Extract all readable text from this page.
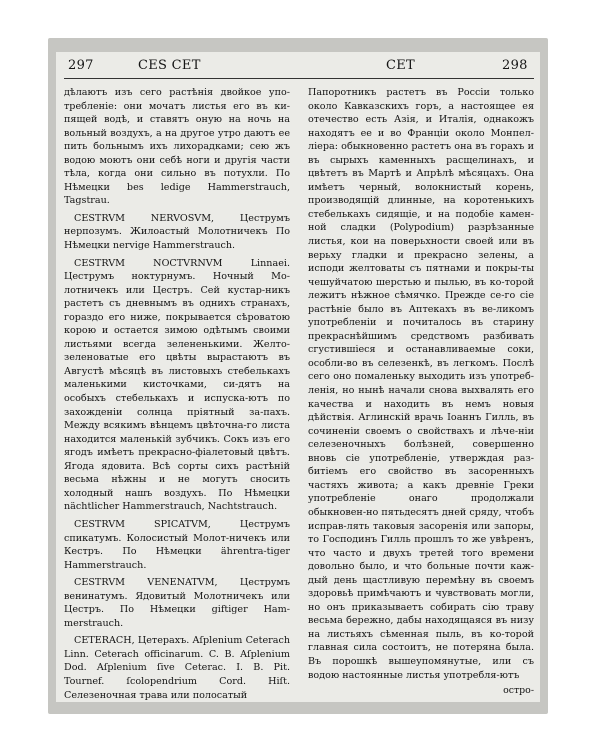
297	CES CET	CET	298

дѣлаютъ изъ сего растѣнія двойкое упо-требленіе: они мочатъ листья его въ ки-пящей водѣ, и ставятъ оную на ночь на вольный воздухъ, а на другое утро даютъ ее пить больнымъ ихъ лихорадками; сею жъ водою моютъ они себѣ ноги и другія части тѣла, когда они сильно въ потухли. По Нѣмецки bes ledige Hammerstrauch, Tagstrau.

CESTRVM NERVOSVM, Цеструмъ нерпозумъ. Жилоастый Молотничекъ По Нѣмецки nervige Hammerstrauch.

CESTRVM NOCTVRNVM Linnaei. Цеструмъ ноктурнумъ. Ночный Мо-лотничекъ или Цестръ. Сей кустар-никъ растетъ съ дневнымъ въ однихъ странахъ, гораздо его ниже, покрывается сѣроватою корою и остается зимою одѣтымъ своими листьями всегда зелененькими. Желто-зеленоватые его цвѣты вырастаютъ въ Августѣ мѣсяцѣ въ листовыхъ стебелькахъ маленькими кисточками, си-дятъ на особыхъ стебелькахъ и испуска-ютъ по захожденіи солнца пріятный за-пахъ. Между всякимъ вѣнцемъ цвѣточна-го листа находится маленькій зубчикъ. Сокъ изъ его ягодъ имѣетъ прекрасно-фіалетовый цвѣтъ. Ягода ядовита. Всѣ сорты сихъ растѣній весьма нѣжны и не могутъ сносить холодный нашъ воздухъ. По Нѣмецки nächtlicher Hammerstrauch, Nachtstrauch.

CESTRVM SPICATVM, Цеструмъ спикатумъ. Колосистый Молот-ничекъ или Кестръ. По Нѣмецки ährentra-tiger Hammerstrauch.

CESTRVM VENENATVM, Цеструмъ венинатумъ. Ядовитый Молотничекъ или Цестръ. По Нѣмецки giftiger Ham-merstrauch.

CETERACH, Цетерахъ. Aſplenium Ceterach Linn. Ceterach officinarum. C. B. Aſplenium Dod. Aſplenium ſive Ceterac. I. B. Pit. Tournef. ſcolopendrium Cord. Hiſt. Селезеночная трава или полосатый

Папоротникъ растетъ въ Россіи только около Кавказскихъ горъ, а настоящее ея отечество есть Азія, и Италія, однакожъ находятъ ее и во Франціи около Монпел-ліера: обыкновенно растетъ она въ горахъ и въ сырыхъ каменныхъ расщелинахъ, и цвѣтетъ въ Мартѣ и Апрѣлѣ мѣсяцахъ. Она имѣетъ черный, волокнистый корень, производящій длинные, на коротенькихъ стебелькахъ сидящіе, и на подобіе камен-ной сладки (Polypodium) разрѣзанные листья, кои на поверьхности своей или въ верьху гладки и прекрасно зелены, а исподи желтоваты съ пятнами и покры-ты чешуйчатою шерстью и пылью, въ ко-торой лежитъ нѣжное сѣмячко. Прежде се-го сіе растѣніе было въ Аптекахъ въ ве-ликомъ употребленіи и почиталось въ старину прекраснѣйшимъ средствомъ разбивать сгустившіеся и останавливаемые соки, особли-во въ селезенкѣ, въ легкомъ. Послѣ сего оно помаленьку выходить изъ употреб-ленія, но нынѣ начали снова выхвалять его качества и находить въ немъ новыя дѣйствія. Аглинскій врачь Іоаннъ Гилль, въ сочиненіи своемъ о свойствахъ и лѣче-ніи селезеночныхъ болѣзней, совершенно вновь сіе употребленіе, утверждая раз-битіемъ его свойство въ засоренныхъ частяхъ живота; а какъ древніе Греки употребленіе онаго продолжали обыкновен-но пятьдесятъ дней сряду, чтобъ исправ-лять таковыя засоренія или запоры, то Господинъ Гилль прошлъ то же увѣренъ, что часто и двухъ третей того времени довольно было, и что больные почти каж-дый день щастливую перемѣну въ своемъ здоровьѣ примѣчаютъ и чувствовать могли, но онъ приказываетъ собирать сію траву весьма бережно, дабы находящаяся въ низу на листьяхъ сѣменная пыль, въ ко-торой главная сила состоитъ, не потеряна была. Въ порошкѣ вышеупомянутые, или съ водою настоянные листья употребля-ютъ

остро-
